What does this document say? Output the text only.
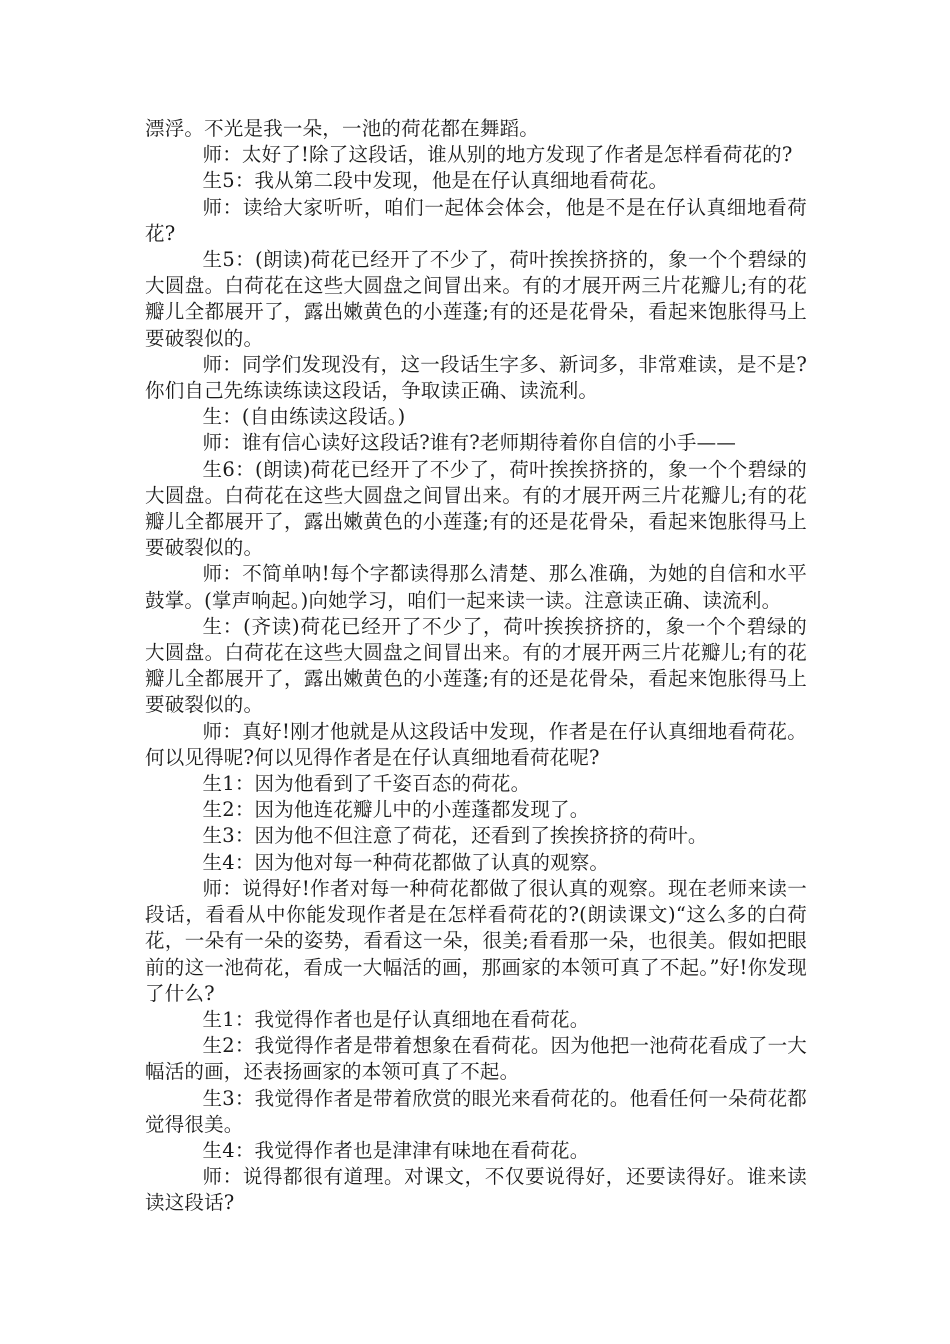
漂浮。不光是我一朵，一池的荷花都在舞蹈。

师：太好了!除了这段话，谁从别的地方发现了作者是怎样看荷花的?

生5：我从第二段中发现，他是在仔认真细地看荷花。

师：读给大家听听，咱们一起体会体会，他是不是在仔认真细地看荷花?

生5：(朗读)荷花已经开了不少了，荷叶挨挨挤挤的，象一个个碧绿的大圆盘。白荷花在这些大圆盘之间冒出来。有的才展开两三片花瓣儿;有的花瓣儿全都展开了，露出嫩黄色的小莲蓬;有的还是花骨朵，看起来饱胀得马上要破裂似的。

师：同学们发现没有，这一段话生字多、新词多，非常难读，是不是?你们自己先练读练读这段话，争取读正确、读流利。

生：(自由练读这段话。)

师：谁有信心读好这段话?谁有?老师期待着你自信的小手——

生6：(朗读)荷花已经开了不少了，荷叶挨挨挤挤的，象一个个碧绿的大圆盘。白荷花在这些大圆盘之间冒出来。有的才展开两三片花瓣儿;有的花瓣儿全都展开了，露出嫩黄色的小莲蓬;有的还是花骨朵，看起来饱胀得马上要破裂似的。

师：不简单呐!每个字都读得那么清楚、那么准确，为她的自信和水平鼓掌。(掌声响起。)向她学习，咱们一起来读一读。注意读正确、读流利。

生：(齐读)荷花已经开了不少了，荷叶挨挨挤挤的，象一个个碧绿的大圆盘。白荷花在这些大圆盘之间冒出来。有的才展开两三片花瓣儿;有的花瓣儿全都展开了，露出嫩黄色的小莲蓬;有的还是花骨朵，看起来饱胀得马上要破裂似的。

师：真好!刚才他就是从这段话中发现，作者是在仔认真细地看荷花。何以见得呢?何以见得作者是在仔认真细地看荷花呢?

生1：因为他看到了千姿百态的荷花。

生2：因为他连花瓣儿中的小莲蓬都发现了。

生3：因为他不但注意了荷花，还看到了挨挨挤挤的荷叶。

生4：因为他对每一种荷花都做了认真的观察。

师：说得好!作者对每一种荷花都做了很认真的观察。现在老师来读一段话，看看从中你能发现作者是在怎样看荷花的?(朗读课文)“这么多的白荷花，一朵有一朵的姿势，看看这一朵，很美;看看那一朵，也很美。假如把眼前的这一池荷花，看成一大幅活的画，那画家的本领可真了不起。”好!你发现了什么?

生1：我觉得作者也是仔认真细地在看荷花。

生2：我觉得作者是带着想象在看荷花。因为他把一池荷花看成了一大幅活的画，还表扬画家的本领可真了不起。

生3：我觉得作者是带着欣赏的眼光来看荷花的。他看任何一朵荷花都觉得很美。

生4：我觉得作者也是津津有味地在看荷花。

师：说得都很有道理。对课文，不仅要说得好，还要读得好。谁来读读这段话?
